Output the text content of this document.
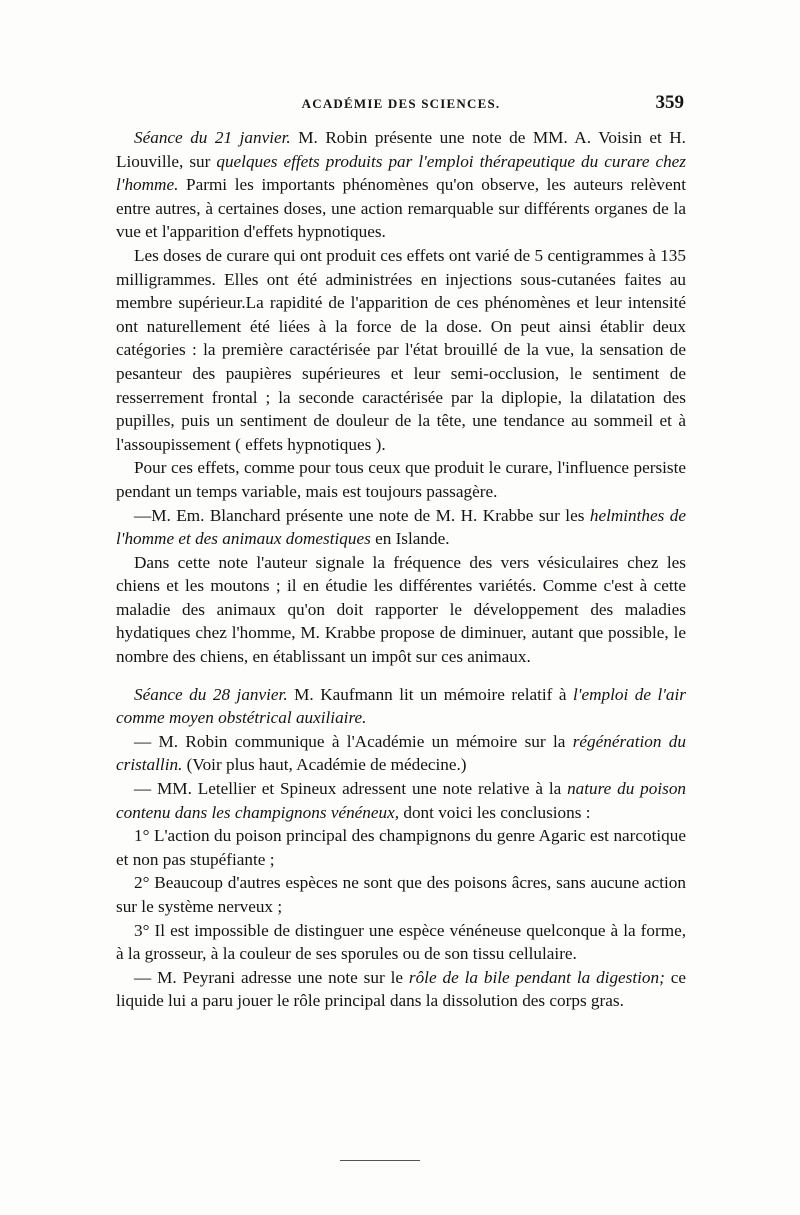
ACADÉMIE DES SCIENCES.	359

Séance du 21 janvier. M. Robin présente une note de MM. A. Voisin et H. Liouville, sur quelques effets produits par l'emploi thérapeutique du curare chez l'homme. Parmi les importants phénomènes qu'on observe, les auteurs relèvent entre autres, à certaines doses, une action remarquable sur différents organes de la vue et l'apparition d'effets hypnotiques.

Les doses de curare qui ont produit ces effets ont varié de 5 centigrammes à 135 milligrammes. Elles ont été administrées en injections sous-cutanées faites au membre supérieur.La rapidité de l'apparition de ces phénomènes et leur intensité ont naturellement été liées à la force de la dose. On peut ainsi établir deux catégories : la première caractérisée par l'état brouillé de la vue, la sensation de pesanteur des paupières supérieures et leur semi-occlusion, le sentiment de resserrement frontal ; la seconde caractérisée par la diplopie, la dilatation des pupilles, puis un sentiment de douleur de la tête, une tendance au sommeil et à l'assoupissement ( effets hypnotiques ).

Pour ces effets, comme pour tous ceux que produit le curare, l'influence persiste pendant un temps variable, mais est toujours passagère.

—M. Em. Blanchard présente une note de M. H. Krabbe sur les helminthes de l'homme et des animaux domestiques en Islande.

Dans cette note l'auteur signale la fréquence des vers vésiculaires chez les chiens et les moutons ; il en étudie les différentes variétés. Comme c'est à cette maladie des animaux qu'on doit rapporter le développement des maladies hydatiques chez l'homme, M. Krabbe propose de diminuer, autant que possible, le nombre des chiens, en établissant un impôt sur ces animaux.

Séance du 28 janvier. M. Kaufmann lit un mémoire relatif à l'emploi de l'air comme moyen obstétrical auxiliaire.

— M. Robin communique à l'Académie un mémoire sur la régénération du cristallin. (Voir plus haut, Académie de médecine.)

— MM. Letellier et Spineux adressent une note relative à la nature du poison contenu dans les champignons vénéneux, dont voici les conclusions :

1° L'action du poison principal des champignons du genre Agaric est narcotique et non pas stupéfiante ;

2° Beaucoup d'autres espèces ne sont que des poisons âcres, sans aucune action sur le système nerveux ;

3° Il est impossible de distinguer une espèce vénéneuse quelconque à la forme, à la grosseur, à la couleur de ses sporules ou de son tissu cellulaire.

— M. Peyrani adresse une note sur le rôle de la bile pendant la digestion; ce liquide lui a paru jouer le rôle principal dans la dissolution des corps gras.
